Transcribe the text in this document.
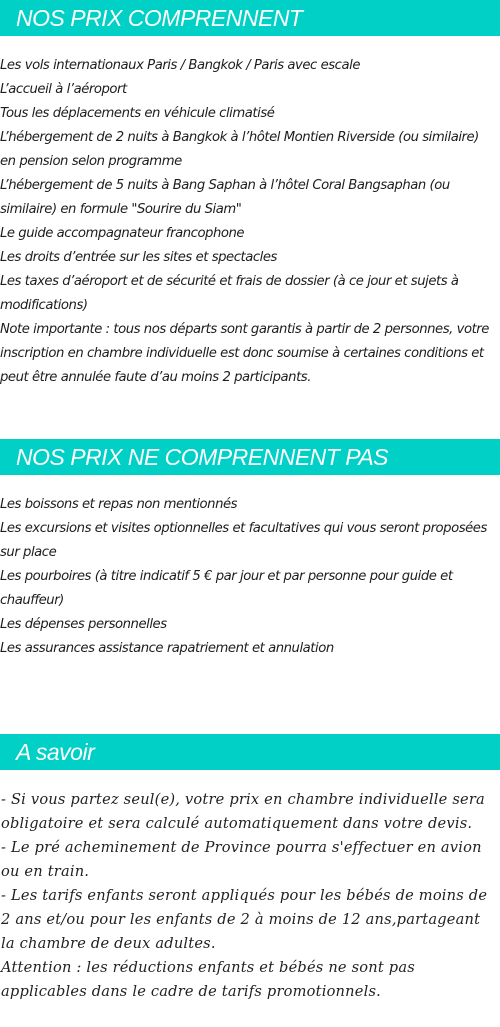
NOS PRIX COMPRENNENT
Les vols internationaux Paris / Bangkok / Paris avec escale
L’accueil à l’aéroport
Tous les déplacements en véhicule climatisé
L’hébergement de 2 nuits à Bangkok à l’hôtel Montien Riverside (ou similaire) en pension selon programme
L’hébergement de 5 nuits à Bang Saphan à l’hôtel Coral Bangsaphan (ou similaire) en formule "Sourire du Siam"
Le guide accompagnateur francophone
Les droits d’entrée sur les sites et spectacles
Les taxes d’aéroport et de sécurité et frais de dossier (à ce jour et sujets à modifications)
Note importante : tous nos départs sont garantis à partir de 2 personnes, votre inscription en chambre individuelle est donc soumise à certaines conditions et peut être annulée faute d’au moins 2 participants.
NOS PRIX NE COMPRENNENT PAS
Les boissons et repas non mentionnés
Les excursions et visites optionnelles et facultatives qui vous seront proposées sur place
Les pourboires (à titre indicatif 5 € par jour et par personne pour guide et chauffeur)
Les dépenses personnelles
Les assurances assistance rapatriement et annulation
A savoir
- Si vous partez seul(e), votre prix en chambre individuelle sera obligatoire et sera calculé automatiquement dans votre devis.
- Le pré acheminement de Province pourra s'effectuer en avion ou en train.
- Les tarifs enfants seront appliqués pour les bébés de moins de 2 ans et/ou pour les enfants de 2 à moins de 12 ans,partageant la chambre de deux adultes.
Attention : les réductions enfants et bébés ne sont pas applicables dans le cadre de tarifs promotionnels.
